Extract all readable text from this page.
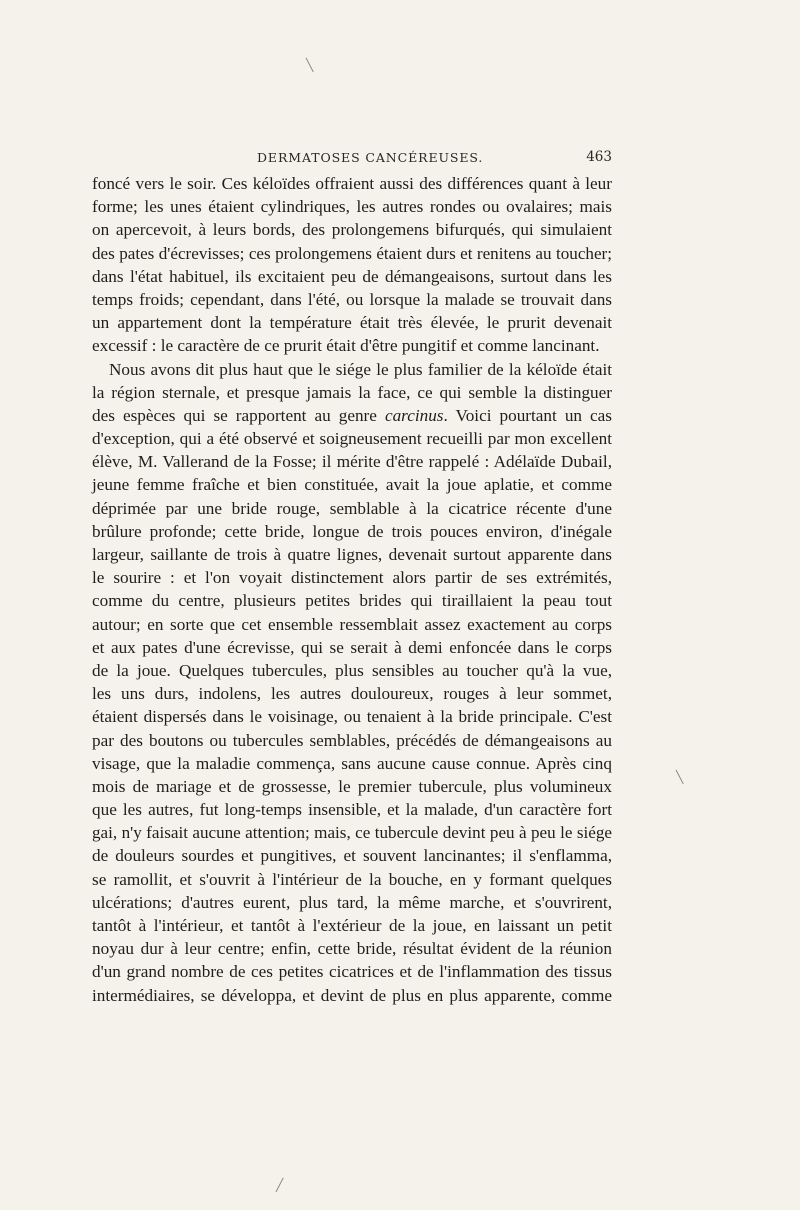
DERMATOSES CANCÉREUSES.	463
foncé vers le soir. Ces kéloïdes offraient aussi des différences quant à leur
forme; les unes étaient cylindriques, les autres rondes ou ovalaires; mais
on apercevoit, à leurs bords, des prolongemens bifurqués, qui simulaient
des pates d'écrevisses; ces prolongemens étaient durs et renitens au toucher;
dans l'état habituel, ils excitaient peu de démangeaisons, surtout dans les
temps froids; cependant, dans l'été, ou lorsque la malade se trouvait dans
un appartement dont la température était très élevée, le prurit devenait
excessif : le caractère de ce prurit était d'être pungitif et comme lancinant.
Nous avons dit plus haut que le siége le plus familier de la kéloïde était
la région sternale, et presque jamais la face, ce qui semble la distinguer
des espèces qui se rapportent au genre carcinus. Voici pourtant un cas
d'exception, qui a été observé et soigneusement recueilli par mon excellent
élève, M. Vallerand de la Fosse; il mérite d'être rappelé : Adélaïde Dubail,
jeune femme fraîche et bien constituée, avait la joue aplatie, et comme
déprimée par une bride rouge, semblable à la cicatrice récente d'une
brûlure profonde; cette bride, longue de trois pouces environ, d'inégale
largeur, saillante de trois à quatre lignes, devenait surtout apparente dans
le sourire : et l'on voyait distinctement alors partir de ses extrémités,
comme du centre, plusieurs petites brides qui tiraillaient la peau tout
autour; en sorte que cet ensemble ressemblait assez exactement au corps
et aux pates d'une écrevisse, qui se serait à demi enfoncée dans le corps
de la joue. Quelques tubercules, plus sensibles au toucher qu'à la vue,
les uns durs, indolens, les autres douloureux, rouges à leur sommet,
étaient dispersés dans le voisinage, ou tenaient à la bride principale. C'est
par des boutons ou tubercules semblables, précédés de démangeaisons au
visage, que la maladie commença, sans aucune cause connue. Après cinq
mois de mariage et de grossesse, le premier tubercule, plus volumineux
que les autres, fut long-temps insensible, et la malade, d'un caractère fort
gai, n'y faisait aucune attention; mais, ce tubercule devint peu à peu le siége
de douleurs sourdes et pungitives, et souvent lancinantes; il s'enflamma,
se ramollit, et s'ouvrit à l'intérieur de la bouche, en y formant quelques
ulcérations; d'autres eurent, plus tard, la même marche, et s'ouvrirent,
tantôt à l'intérieur, et tantôt à l'extérieur de la joue, en laissant un petit
noyau dur à leur centre; enfin, cette bride, résultat évident de la réunion
d'un grand nombre de ces petites cicatrices et de l'inflammation des tissus
intermédiaires, se développa, et devint de plus en plus apparente, comme
╲
╲
╱
